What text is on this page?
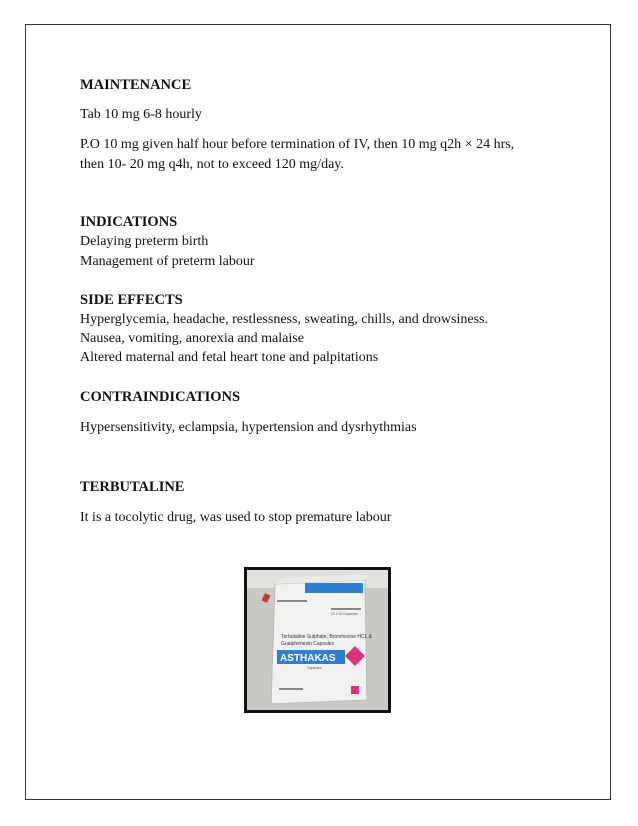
MAINTENANCE
Tab 10 mg 6-8 hourly
P.O 10 mg given half hour before termination of IV, then 10 mg q2h × 24 hrs,
then 10- 20 mg q4h, not to exceed 120 mg/day.
INDICATIONS
Delaying preterm birth
Management of preterm labour
SIDE EFFECTS
Hyperglycemia, headache, restlessness, sweating, chills, and drowsiness.
Nausea, vomiting, anorexia and malaise
Altered maternal and fetal heart tone and palpitations
CONTRAINDICATIONS
Hypersensitivity, eclampsia, hypertension and dysrhythmias
TERBUTALINE
It is a tocolytic drug, was used to stop premature labour
Terbutaline Sulphate, Bromhexine HCL &
Guaiphenesin Capsules
10 x 10 Capsules
ASTHAKAS
Capsules
